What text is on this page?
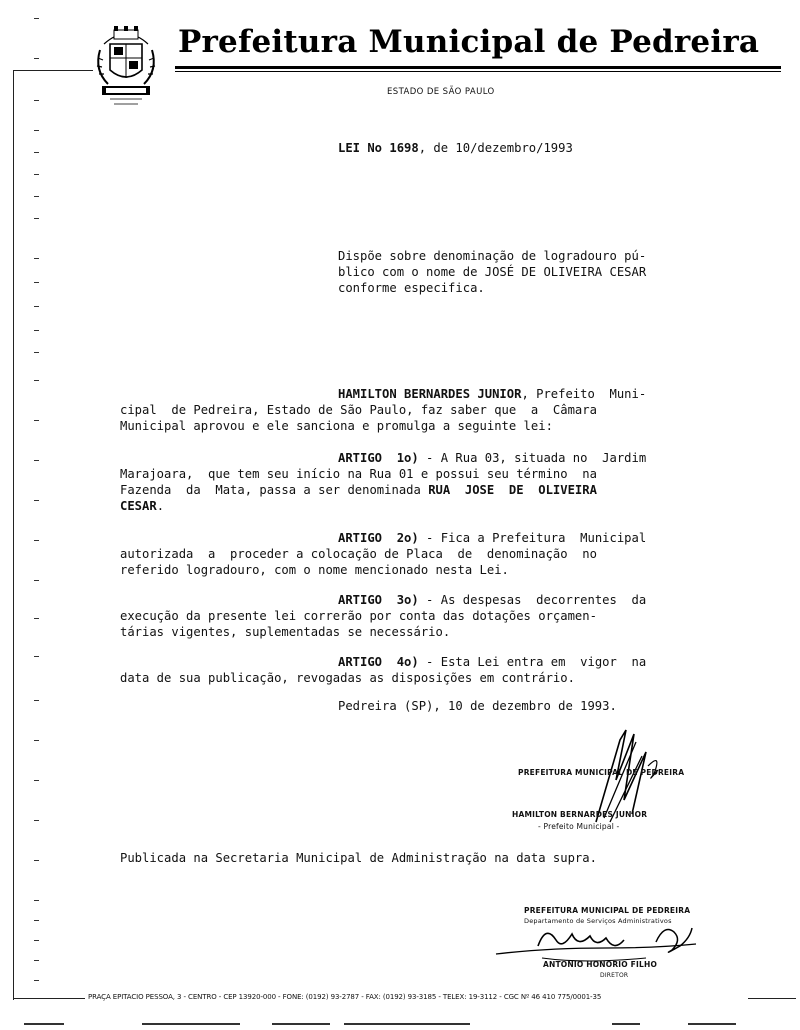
Prefeitura Municipal de Pedreira
ESTADO DE SÃO PAULO
LEI No 1698, de 10/dezembro/1993
Dispõe sobre denominação de logradouro pú-
blico com o nome de JOSÉ DE OLIVEIRA CESAR
conforme especifica.
HAMILTON BERNARDES JUNIOR , Prefeito  Muni-
cipal  de Pedreira, Estado de São Paulo, faz saber que  a  Câmara
Municipal aprovou e ele sanciona e promulga a seguinte lei:
ARTIGO  1o) - A Rua 03, situada no  Jardim
Marajoara,  que tem seu início na Rua 01 e possui seu término  na
Fazenda  da  Mata, passa a ser denominada RUA  JOSE  DE  OLIVEIRA
CESAR .
ARTIGO  2o) - Fica a Prefeitura  Municipal
autorizada  a  proceder a colocação de Placa  de  denominação  no
referido logradouro, com o nome mencionado nesta Lei.
ARTIGO  3o) - As despesas  decorrentes  da
execução da presente lei correrão por conta das dotações orçamen-
tárias vigentes, suplementadas se necessário.
ARTIGO  4o) - Esta Lei entra em  vigor  na
data de sua publicação, revogadas as disposições em contrário.
Pedreira (SP), 10 de dezembro de 1993.
PREFEITURA MUNICIPAL DE PEDREIRA
HAMILTON BERNARDES JUNIOR
- Prefeito Municipal -
Publicada na Secretaria Municipal de Administração na data supra.
PREFEITURA MUNICIPAL DE PEDREIRA
Departamento de Serviços Administrativos
ANTONIO HONORIO FILHO
DIRETOR
PRAÇA EPITACIO PESSOA, 3 - CENTRO - CEP 13920-000 - FONE: (0192) 93-2787 - FAX: (0192) 93-3185 - TELEX: 19-3112 - CGC Nº 46 410 775/0001-35
